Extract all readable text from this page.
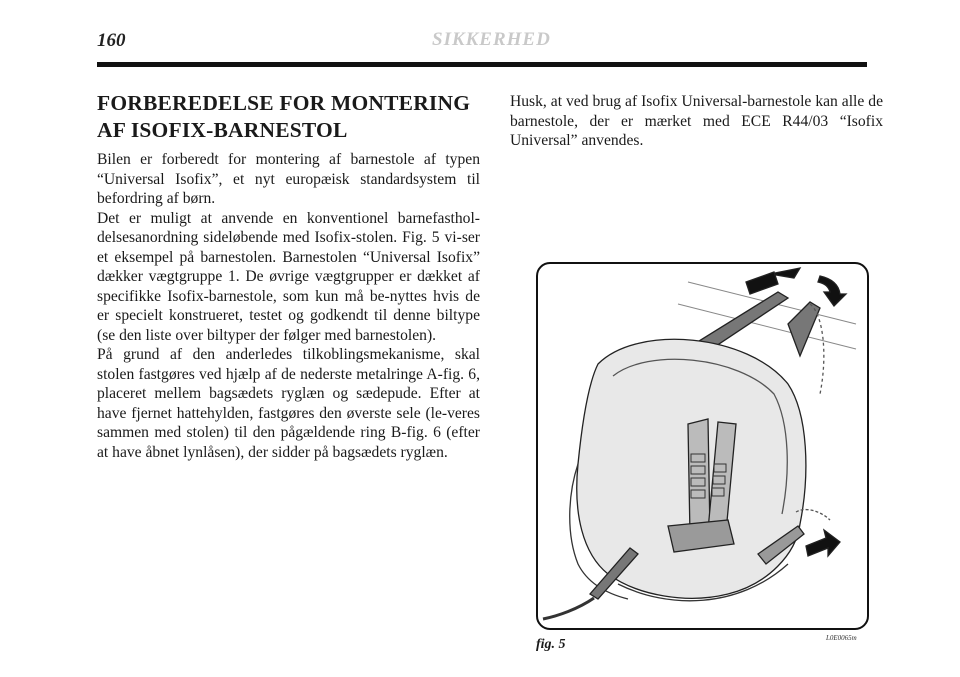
160	SIKKERHED
FORBEREDELSE FOR MONTERING
AF ISOFIX-BARNESTOL

Bilen er forberedt for montering af barnestole af typen “Universal Isofix”, et nyt europæisk standardsystem til befordring af børn.

Det er muligt at anvende en konventionel barnefasthol-delsesanordning sideløbende med Isofix-stolen. Fig. 5 vi-ser et eksempel på barnestolen. Barnestolen “Universal Isofix” dækker vægtgruppe 1. De øvrige vægtgrupper er dækket af specifikke Isofix-barnestole, som kun må be-nyttes hvis de er specielt konstrueret, testet og godkendt til denne biltype (se den liste over biltyper der følger med barnestolen).

På grund af den anderledes tilkoblingsmekanisme, skal stolen fastgøres ved hjælp af de nederste metalringe A-fig. 6, placeret mellem bagsædets ryglæn og sædepude. Efter at have fjernet hattehylden, fastgøres den øverste sele (le-veres sammen med stolen) til den pågældende ring B-fig. 6 (efter at have åbnet lynlåsen), der sidder på bagsædets ryglæn.

Husk, at ved brug af Isofix Universal-barnestole kan alle de barnestole, der er mærket med ECE R44/03 “Isofix Universal” anvendes.

fig. 5	L0E0065m
